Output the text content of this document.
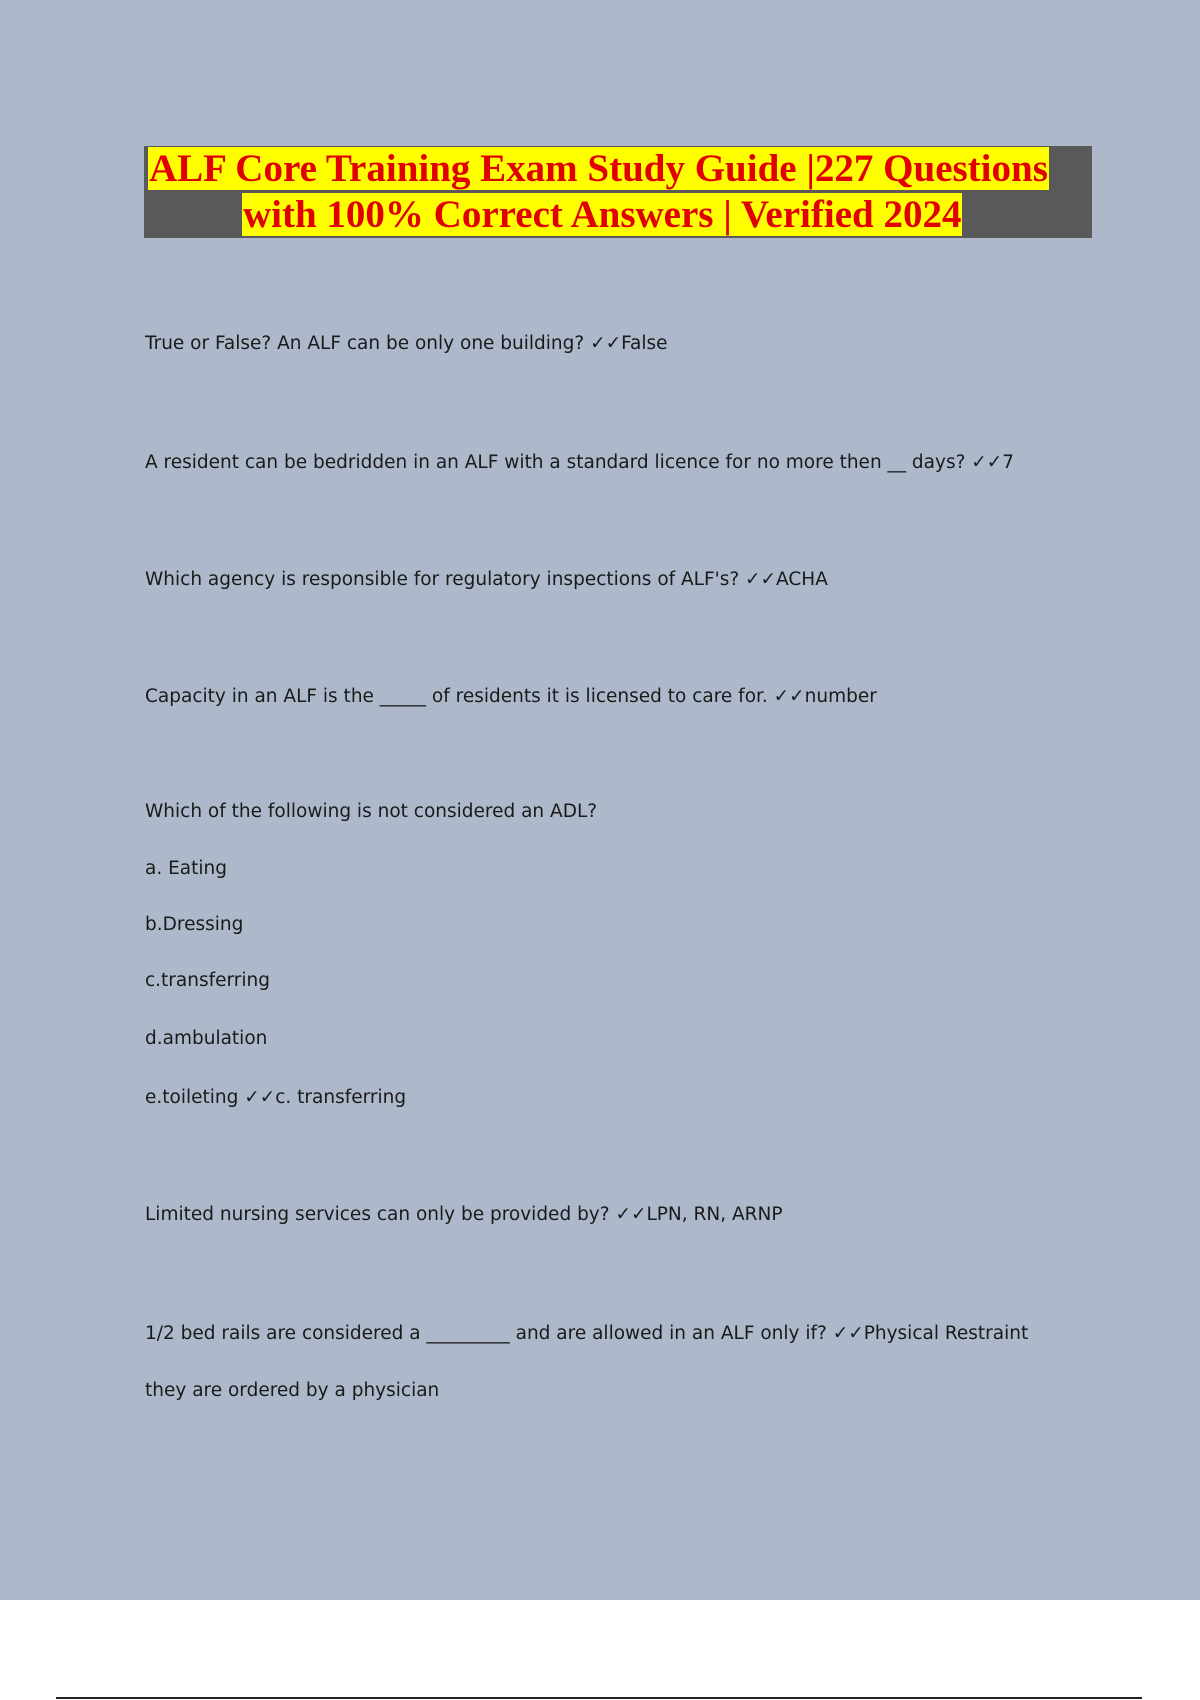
ALF Core Training Exam Study Guide |227 Questions
with 100% Correct Answers | Verified 2024
True or False? An ALF can be only one building? ✓✓False
A resident can be bedridden in an ALF with a standard licence for no more then __ days? ✓✓7
Which agency is responsible for regulatory inspections of ALF's? ✓✓ACHA
Capacity in an ALF is the _____ of residents it is licensed to care for. ✓✓number
Which of the following is not considered an ADL?
a. Eating
b.Dressing
c.transferring
d.ambulation
e.toileting ✓✓c. transferring
Limited nursing services can only be provided by? ✓✓LPN, RN, ARNP
1/2 bed rails are considered a _________ and are allowed in an ALF only if? ✓✓Physical Restraint
they are ordered by a physician
